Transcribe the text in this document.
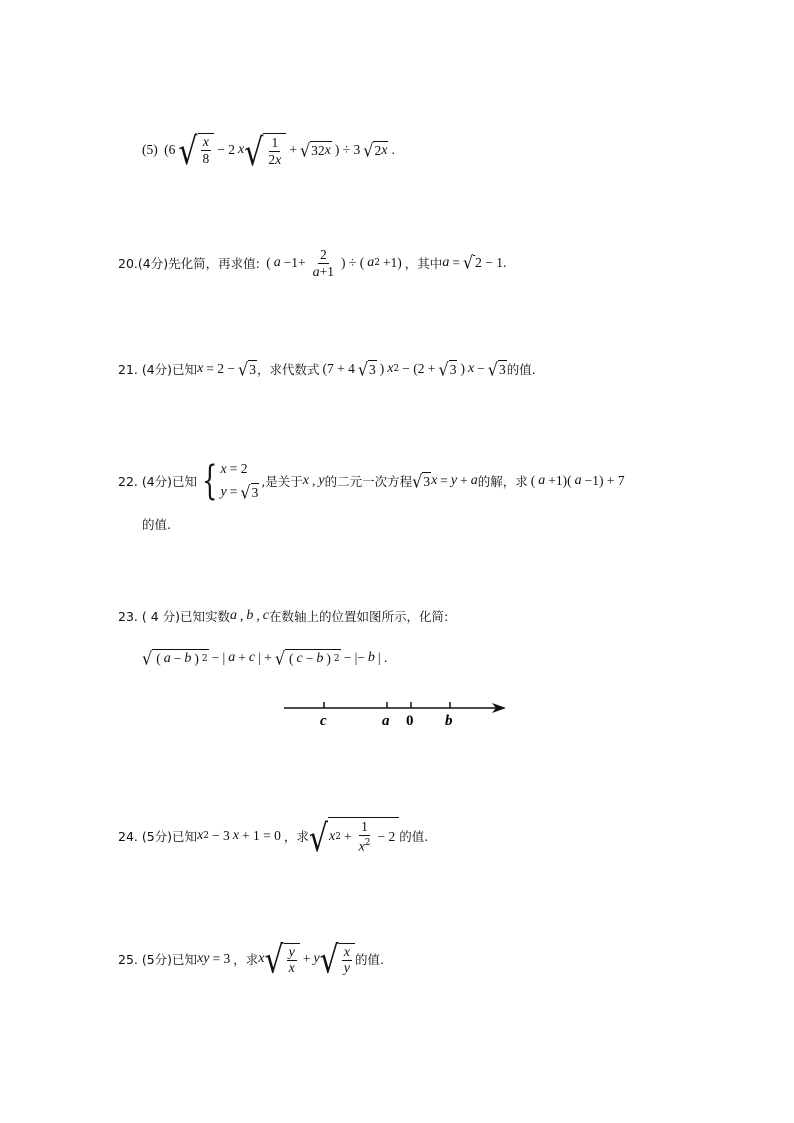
(5) (6 √ $\frac{x}{8} - 2$ x √ $\frac{1}{2x}$ + √ 32 x ) ÷ 3 √ 2 x .
20.(4分)先化简，再求值: ( $a -1+ \frac{2}{a+1}$ ) ÷ ( a 2 +1) ，其中 a = √ 2 − 1.
21. (4分)已知 x = 2 − √ 3 ，求代数式 (7 + 4 √ 3 ) x 2 − (2 + √ 3 ) x − √ 3 的值.
22. (4分)已知 { x = 2
y = √ 3
,是关于 x , y 的二元一次方程 √ 3 x = y + a 的解，求 ( a +1)( a −1) + 7
的值.
23. ( 4 分)已知实数 a , b , c 在数轴上的位置如图所示，化简:
√ ( a − b ) 2 − | a + c | + √ ( c − b ) 2 − |− b | .
c	a 0 b
24. (5分)已知 x 2 − 3 x + 1 = 0 ，求 √ x $2 + \frac{1}{x^2} - 2$ 的值.
25. (5分)已知 xy = 3 ，求 x √ $\frac{y}{x} + y$ √ $\frac{x}{y}$ 的值.
